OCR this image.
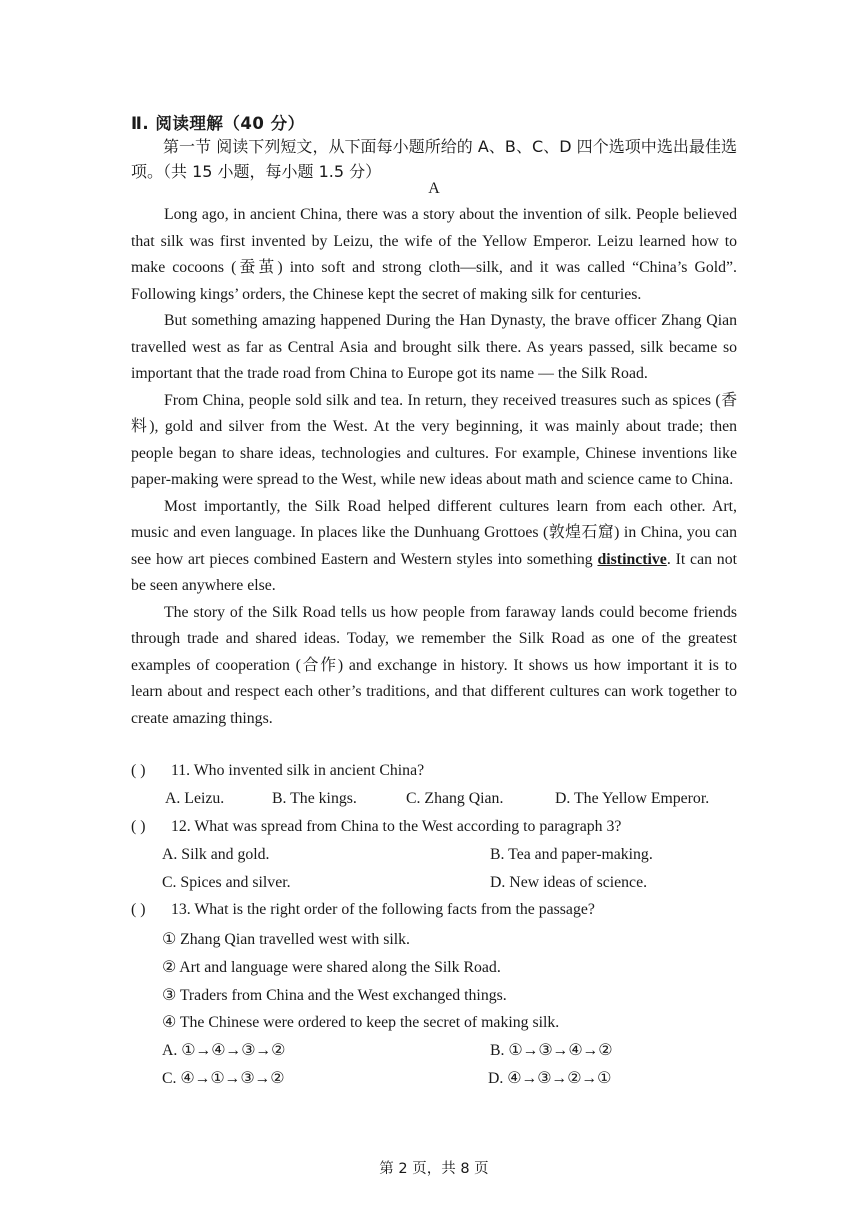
Ⅱ. 阅读理解（40 分）
第一节 阅读下列短文，从下面每小题所给的 A、B、C、D 四个选项中选出最佳选项。（共 15 小题，每小题 1.5 分）
A

Long ago, in ancient China, there was a story about the invention of silk. People believed that silk was first invented by Leizu, the wife of the Yellow Emperor. Leizu learned how to make cocoons (蚕茧) into soft and strong cloth—silk, and it was called “China’s Gold”. Following kings’ orders, the Chinese kept the secret of making silk for centuries.

But something amazing happened During the Han Dynasty, the brave officer Zhang Qian travelled west as far as Central Asia and brought silk there. As years passed, silk became so important that the trade road from China to Europe got its name — the Silk Road.

From China, people sold silk and tea. In return, they received treasures such as spices (香料), gold and silver from the West. At the very beginning, it was mainly about trade; then people began to share ideas, technologies and cultures. For example, Chinese inventions like paper-making were spread to the West, while new ideas about math and science came to China.

Most importantly, the Silk Road helped different cultures learn from each other. Art, music and even language. In places like the Dunhuang Grottoes (敦煌石窟) in China, you can see how art pieces combined Eastern and Western styles into something distinctive. It can not be seen anywhere else.

The story of the Silk Road tells us how people from faraway lands could become friends through trade and shared ideas. Today, we remember the Silk Road as one of the greatest examples of cooperation (合作) and exchange in history. It shows us how important it is to learn about and respect each other’s traditions, and that different cultures can work together to create amazing things.

( ) 11. Who invented silk in ancient China?
A. Leizu.	B. The kings.	C. Zhang Qian.	D. The Yellow Emperor.
( ) 12. What was spread from China to the West according to paragraph 3?
A. Silk and gold.	B. Tea and paper-making.
C. Spices and silver.	D. New ideas of science.
( ) 13. What is the right order of the following facts from the passage?
① Zhang Qian travelled west with silk.
② Art and language were shared along the Silk Road.
③ Traders from China and the West exchanged things.
④ The Chinese were ordered to keep the secret of making silk.
A. ①→④→③→②	B. ①→③→④→②
C. ④→①→③→②	D. ④→③→②→①
第 2 页，共 8 页
